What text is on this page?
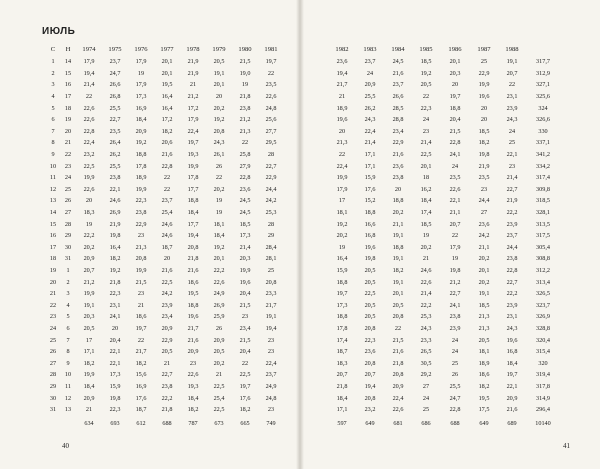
ИЮЛЬ
С	Н	1974	1975	1976	1977	1978	1979	1980	1981
1	14	17,9	23,7	17,9	20,1	21,9	20,5	21,5	19,7
2	15	19,4	24,7	19	20,1	21,9	19,1	19,0	22
3	16	21,4	26,6	17,9	19,5	21	20,1	19	23,5
4	17	22	26,8	17,3	16,4	21,2	20	21,8	22,6
5	18	22,6	25,5	16,9	16,4	17,2	20,2	23,8	24,8
6	19	22,6	22,7	18,4	17,2	17,9	19,2	21,2	25,6
7	20	22,8	23,5	20,9	18,2	22,4	20,8	21,3	27,7
8	21	22,4	26,4	19,2	20,6	19,7	24,3	22	29,5
9	22	23,2	26,2	18,8	21,6	19,3	26,1	25,8	28
10	23	22,5	25,5	17,8	22,8	19,9	26	27,9	22,7
11	24	19,9	23,8	18,9	22	17,8	22	22,8	22,9
12	25	22,6	22,1	19,9	22	17,7	20,2	23,6	24,4
13	26	20	24,6	22,3	23,7	18,8	19	24,5	24,2
14	27	18,3	26,9	23,8	25,4	18,4	19	24,5	25,3
15	28	19	21,9	22,9	24,6	17,7	18,1	18,5	28
16	29	22,2	19,8	23	24,6	19,4	18,4	17,3	29
17	30	20,2	16,4	21,3	18,7	20,8	19,2	21,4	28,4
18	31	20,9	18,2	20,8	20	21,8	20,1	20,3	28,1
19	1	20,7	19,2	19,9	21,6	21,6	22,2	19,9	25
20	2	21,2	21,8	21,5	22,5	18,6	22,6	19,6	20,8
21	3	19,9	22,3	23	24,2	19,5	24,9	20,4	23,3
22	4	19,1	23,1	21	23,9	18,8	26,9	21,5	21,7
23	5	20,3	24,1	18,6	23,4	19,6	25,9	23	19,1
24	6	20,5	20	19,7	20,9	21,7	26	23,4	19,4
25	7	17	20,4	22	22,9	21,6	20,9	21,5	23
26	8	17,1	22,1	21,7	20,5	20,9	20,5	20,4	23
27	9	18,2	22,1	18,2	21	23	20,2	22	22,4
28	10	19,9	17,3	15,6	22,7	22,6	21	22,5	23,7
29	11	18,4	15,9	16,9	23,8	19,3	22,5	19,7	24,9
30	12	20,9	19,8	17,6	22,2	18,4	25,4	17,6	24,8
31	13	21	22,3	18,7	21,8	18,2	22,5	18,2	23
		634	693	612	688	787	673	665	749
1982	1983	1984	1985	1986	1987	1988	
23,6	23,7	24,5	18,5	20,1	25	19,1	317,7
19,4	24	21,6	19,2	20,3	22,9	20,7	312,9
21,7	20,9	23,7	20,5	20	19,9	22	327,1
21	25,5	26,6	22	19,7	19,6	23,1	325,6
18,9	26,2	28,5	22,3	18,8	20	23,9	324
19,6	24,3	28,8	24	20,4	20	24,3	326,6
20	22,4	23,4	23	21,5	18,5	24	330
21,3	21,4	22,9	21,4	22,8	18,2	25	337,1
22	17,1	21,6	22,5	24,1	19,8	22,1	341,2
22,4	17,1	23,6	20,1	24	21,9	23	334,2
19,9	15,9	23,8	18	23,5	23,5	21,4	317,4
17,9	17,6	20	16,2	22,6	23	22,7	309,8
17	15,2	18,8	18,4	22,1	24,4	21,9	318,5
18,1	18,8	20,2	17,4	21,1	27	22,2	328,1
19,2	16,6	21,1	18,5	20,7	23,6	23,9	313,5
20,2	16,8	19,1	19	22	24,2	23,7	317,5
19	19,6	18,8	20,2	17,9	21,1	24,4	305,4
16,4	19,8	19,1	21	19	20,2	23,8	308,8
15,9	20,5	18,2	24,6	19,8	20,1	22,8	312,2
18,8	20,5	19,1	22,6	21,2	20,2	22,7	313,4
19,7	22,5	20,1	21,4	22,7	19,1	22,2	326,5
17,3	20,5	20,5	22,2	24,1	18,5	23,9	323,7
18,8	20,5	20,8	25,3	23,8	21,3	23,1	326,9
17,8	20,8	22	24,3	23,9	21,3	24,3	328,8
17,4	22,3	21,5	23,3	24	20,5	19,6	320,4
18,7	23,6	21,6	26,5	24	18,1	16,8	315,4
18,3	20,8	21,8	30,5	25	18,9	18,4	320
20,7	20,7	20,8	29,2	26	18,6	19,7	319,4
21,8	19,4	20,9	27	25,5	18,2	22,1	317,8
18,4	20,8	22,4	24	24,7	19,5	20,9	314,9
17,1	23,2	22,6	25	22,8	17,5	21,6	296,4
597	649	681	686	688	649	689	10140
40	41
